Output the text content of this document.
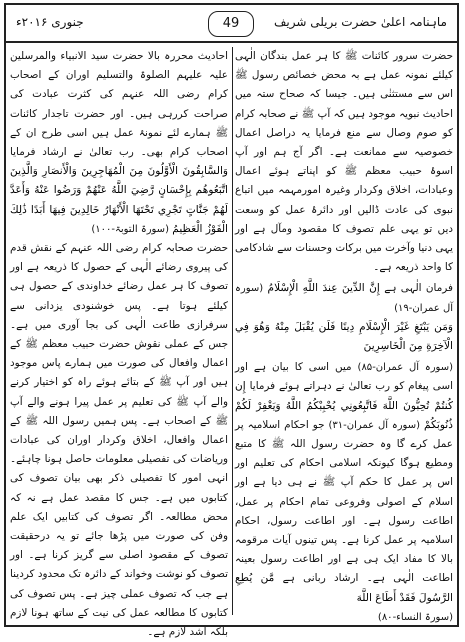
جنوری ۲۰۱۶ء	49	ماہنامہ اعلیٰ حضرت بریلی شریف

حضرت سرور کائنات ﷺ کا ہر عمل بندگان الٰہی کیلئے نمونہ عمل ہے بہ محض خصائص رسول ﷺ اس سے مستثنٰی ہیں۔ جیسا کہ صحاح ستہ میں احادیث نبویہ موجود ہیں کہ آپ ﷺ نے صحابہ کرام کو صوم وصال سے منع فرمایا یہ دراصل اعمال خصوصیہ سے ممانعت ہے۔ اگر آج ہم اور آپ اسوۂ حبیب معظم ﷺ کو اپناتے ہوئے اعمال وعبادات، اخلاق وکردار وغیرہ امورمہمہ میں اتباع نبوی کی عادت ڈالیں اور دائرۂ عمل کو وسعت دیں تو یہی علم تصوف کا مقصود ومآل ہے اور یہی دنیا وآخرت میں برکات وحسنات سے شادکامی کا واحد ذریعہ ہے۔

فرمان الٰہی ہے إِنَّ الدِّينَ عِندَ اللَّهِ الْإِسْلَامُ (سورہ آل عمران-۱۹)

وَمَن يَبْتَغِ غَيْرَ الْإِسْلَامِ دِينًا فَلَن يُقْبَلَ مِنْهُ وَهُوَ فِي الْآخِرَةِ مِنَ الْخَاسِرِينَ

(سورہ آل عمران-۸۵) میں اسی کا بیان ہے اور اسی پیغام کو رب تعالیٰ نے دہراتے ہوئے فرمایا إِن كُنتُمْ تُحِبُّونَ اللَّهَ فَاتَّبِعُونِي يُحْبِبْكُمُ اللَّهُ وَيَغْفِرْ لَكُمْ ذُنُوبَكُمْ (سورہ آل عمران-۳۱) جو احکام اسلامیہ پر عمل کرے گا وہ حضرت رسول اللہ ﷺ کا متبع ومطیع ہوگا کیونکہ اسلامی احکام کی تعلیم اور اس پر عمل کا حکم آپ ﷺ نے ہی دیا ہے اور اسلام کے اصولی وفروعی تمام احکام پر عمل، اطاعت رسول ہے۔ اور اطاعت رسول، احکام اسلامیہ پر عمل کرنا ہے۔ پس تینوں آیات مرقومہ بالا کا مفاد ایک ہی ہے اور اطاعت رسول بعینہ اطاعت الٰہی ہے۔ ارشاد ربانی ہے مَّن يُطِعِ الرَّسُولَ فَقَدْ أَطَاعَ اللَّهَ

(سورۃ النساء-۸۰)

احادیث محررہ بالا حضرت سید الانبیاء والمرسلین علیہ علیہم الصلوۃ والتسلیم اوران کے اصحاب کرام رضی اللہ عنہم کی کثرت عبادت کی صراحت کررہی ہیں۔ اور حضرت تاجدار کائنات ﷺ ہمارے لئے نمونۂ عمل ہیں اسی طرح ان کے اصحاب کرام بھی۔ رب تعالیٰ نے ارشاد فرمایا وَالسَّابِقُونَ الْأَوَّلُونَ مِنَ الْمُهَاجِرِينَ وَالْأَنصَارِ وَالَّذِينَ اتَّبَعُوهُم بِإِحْسَانٍ رَّضِيَ اللَّهُ عَنْهُمْ وَرَضُوا عَنْهُ وَأَعَدَّ لَهُمْ جَنَّاتٍ تَجْرِي تَحْتَهَا الْأَنْهَارُ خَالِدِينَ فِيهَا أَبَدًا ذَٰلِكَ الْفَوْزُ الْعَظِيمُ (سورۃ التوبۃ-۱۰۰)

حضرت صحابہ کرام رضی اللہ عنہم کے نقش قدم کی پیروی رضائے الٰہی کے حصول کا ذریعہ ہے اور تصوف کا ہر عمل رضائے خداوندی کے حصول ہی کیلئے ہوتا ہے۔ پس خوشنودی یزدانی سے سرفرازی طاعت الٰہی کی بجا آوری میں ہے۔ جس کے عملی نقوش حضرت حبیب معظم ﷺ کے اعمال وافعال کی صورت میں ہمارے پاس موجود ہیں اور آپ ﷺ کے بتائے ہوئے راہ کو اختیار کرنے والے آپ ﷺ کی تعلیم پر عمل پیرا ہونے والے آپ ﷺ کے اصحاب ہے۔ پس ہمیں رسول اللہ ﷺ کے اعمال وافعال، اخلاق وکردار اوران کی عبادات وریاضات کی تفصیلی معلومات حاصل ہونا چاہئے۔ انہی امور کا تفصیلی ذکر بھی بیان تصوف کی کتابوں میں ہے۔ جس کا مقصد عمل ہے نہ کہ محض مطالعہ۔ اگر تصوف کی کتابیں ایک علم وفن کی صورت میں پڑھا جائے تو یہ درحقیقت تصوف کے مقصود اصلی سے گریز کرنا ہے۔ اور تصوف کو نوشت وخواند کے دائرہ تک محدود کردینا ہے جب کہ تصوف عملی چیز ہے۔ پس تصوف کی کتابوں کا مطالعہ عمل کی نیت کے ساتھ ہونا لازم بلکہ اشد لازم ہے۔
